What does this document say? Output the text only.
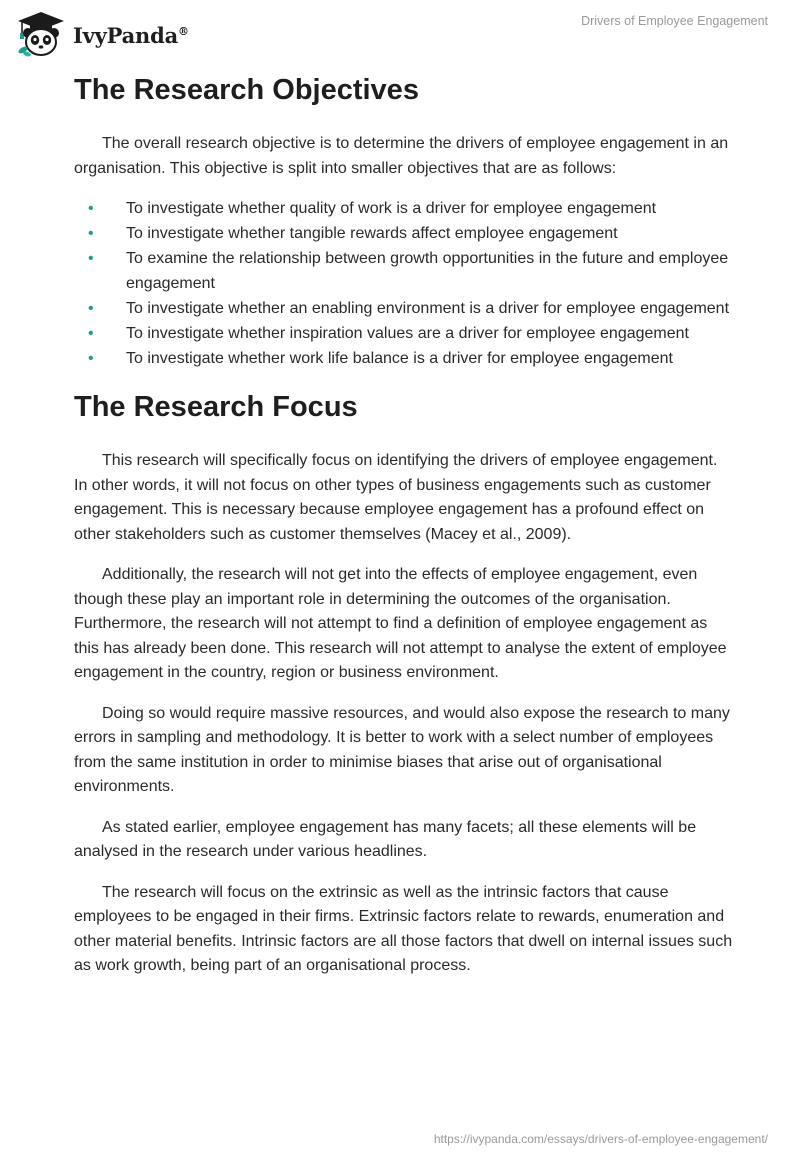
IvyPanda®
Drivers of Employee Engagement
The Research Objectives

The overall research objective is to determine the drivers of employee engagement in an organisation. This objective is split into smaller objectives that are as follows:

• To investigate whether quality of work is a driver for employee engagement
• To investigate whether tangible rewards affect employee engagement
• To examine the relationship between growth opportunities in the future and employee engagement
• To investigate whether an enabling environment is a driver for employee engagement
• To investigate whether inspiration values are a driver for employee engagement
• To investigate whether work life balance is a driver for employee engagement
The Research Focus

This research will specifically focus on identifying the drivers of employee engagement. In other words, it will not focus on other types of business engagements such as customer engagement. This is necessary because employee engagement has a profound effect on other stakeholders such as customer themselves (Macey et al., 2009).

Additionally, the research will not get into the effects of employee engagement, even though these play an important role in determining the outcomes of the organisation. Furthermore, the research will not attempt to find a definition of employee engagement as this has already been done. This research will not attempt to analyse the extent of employee engagement in the country, region or business environment.

Doing so would require massive resources, and would also expose the research to many errors in sampling and methodology. It is better to work with a select number of employees from the same institution in order to minimise biases that arise out of organisational environments.

As stated earlier, employee engagement has many facets; all these elements will be analysed in the research under various headlines.

The research will focus on the extrinsic as well as the intrinsic factors that cause employees to be engaged in their firms. Extrinsic factors relate to rewards, enumeration and other material benefits. Intrinsic factors are all those factors that dwell on internal issues such as work growth, being part of an organisational process.

https://ivypanda.com/essays/drivers-of-employee-engagement/
